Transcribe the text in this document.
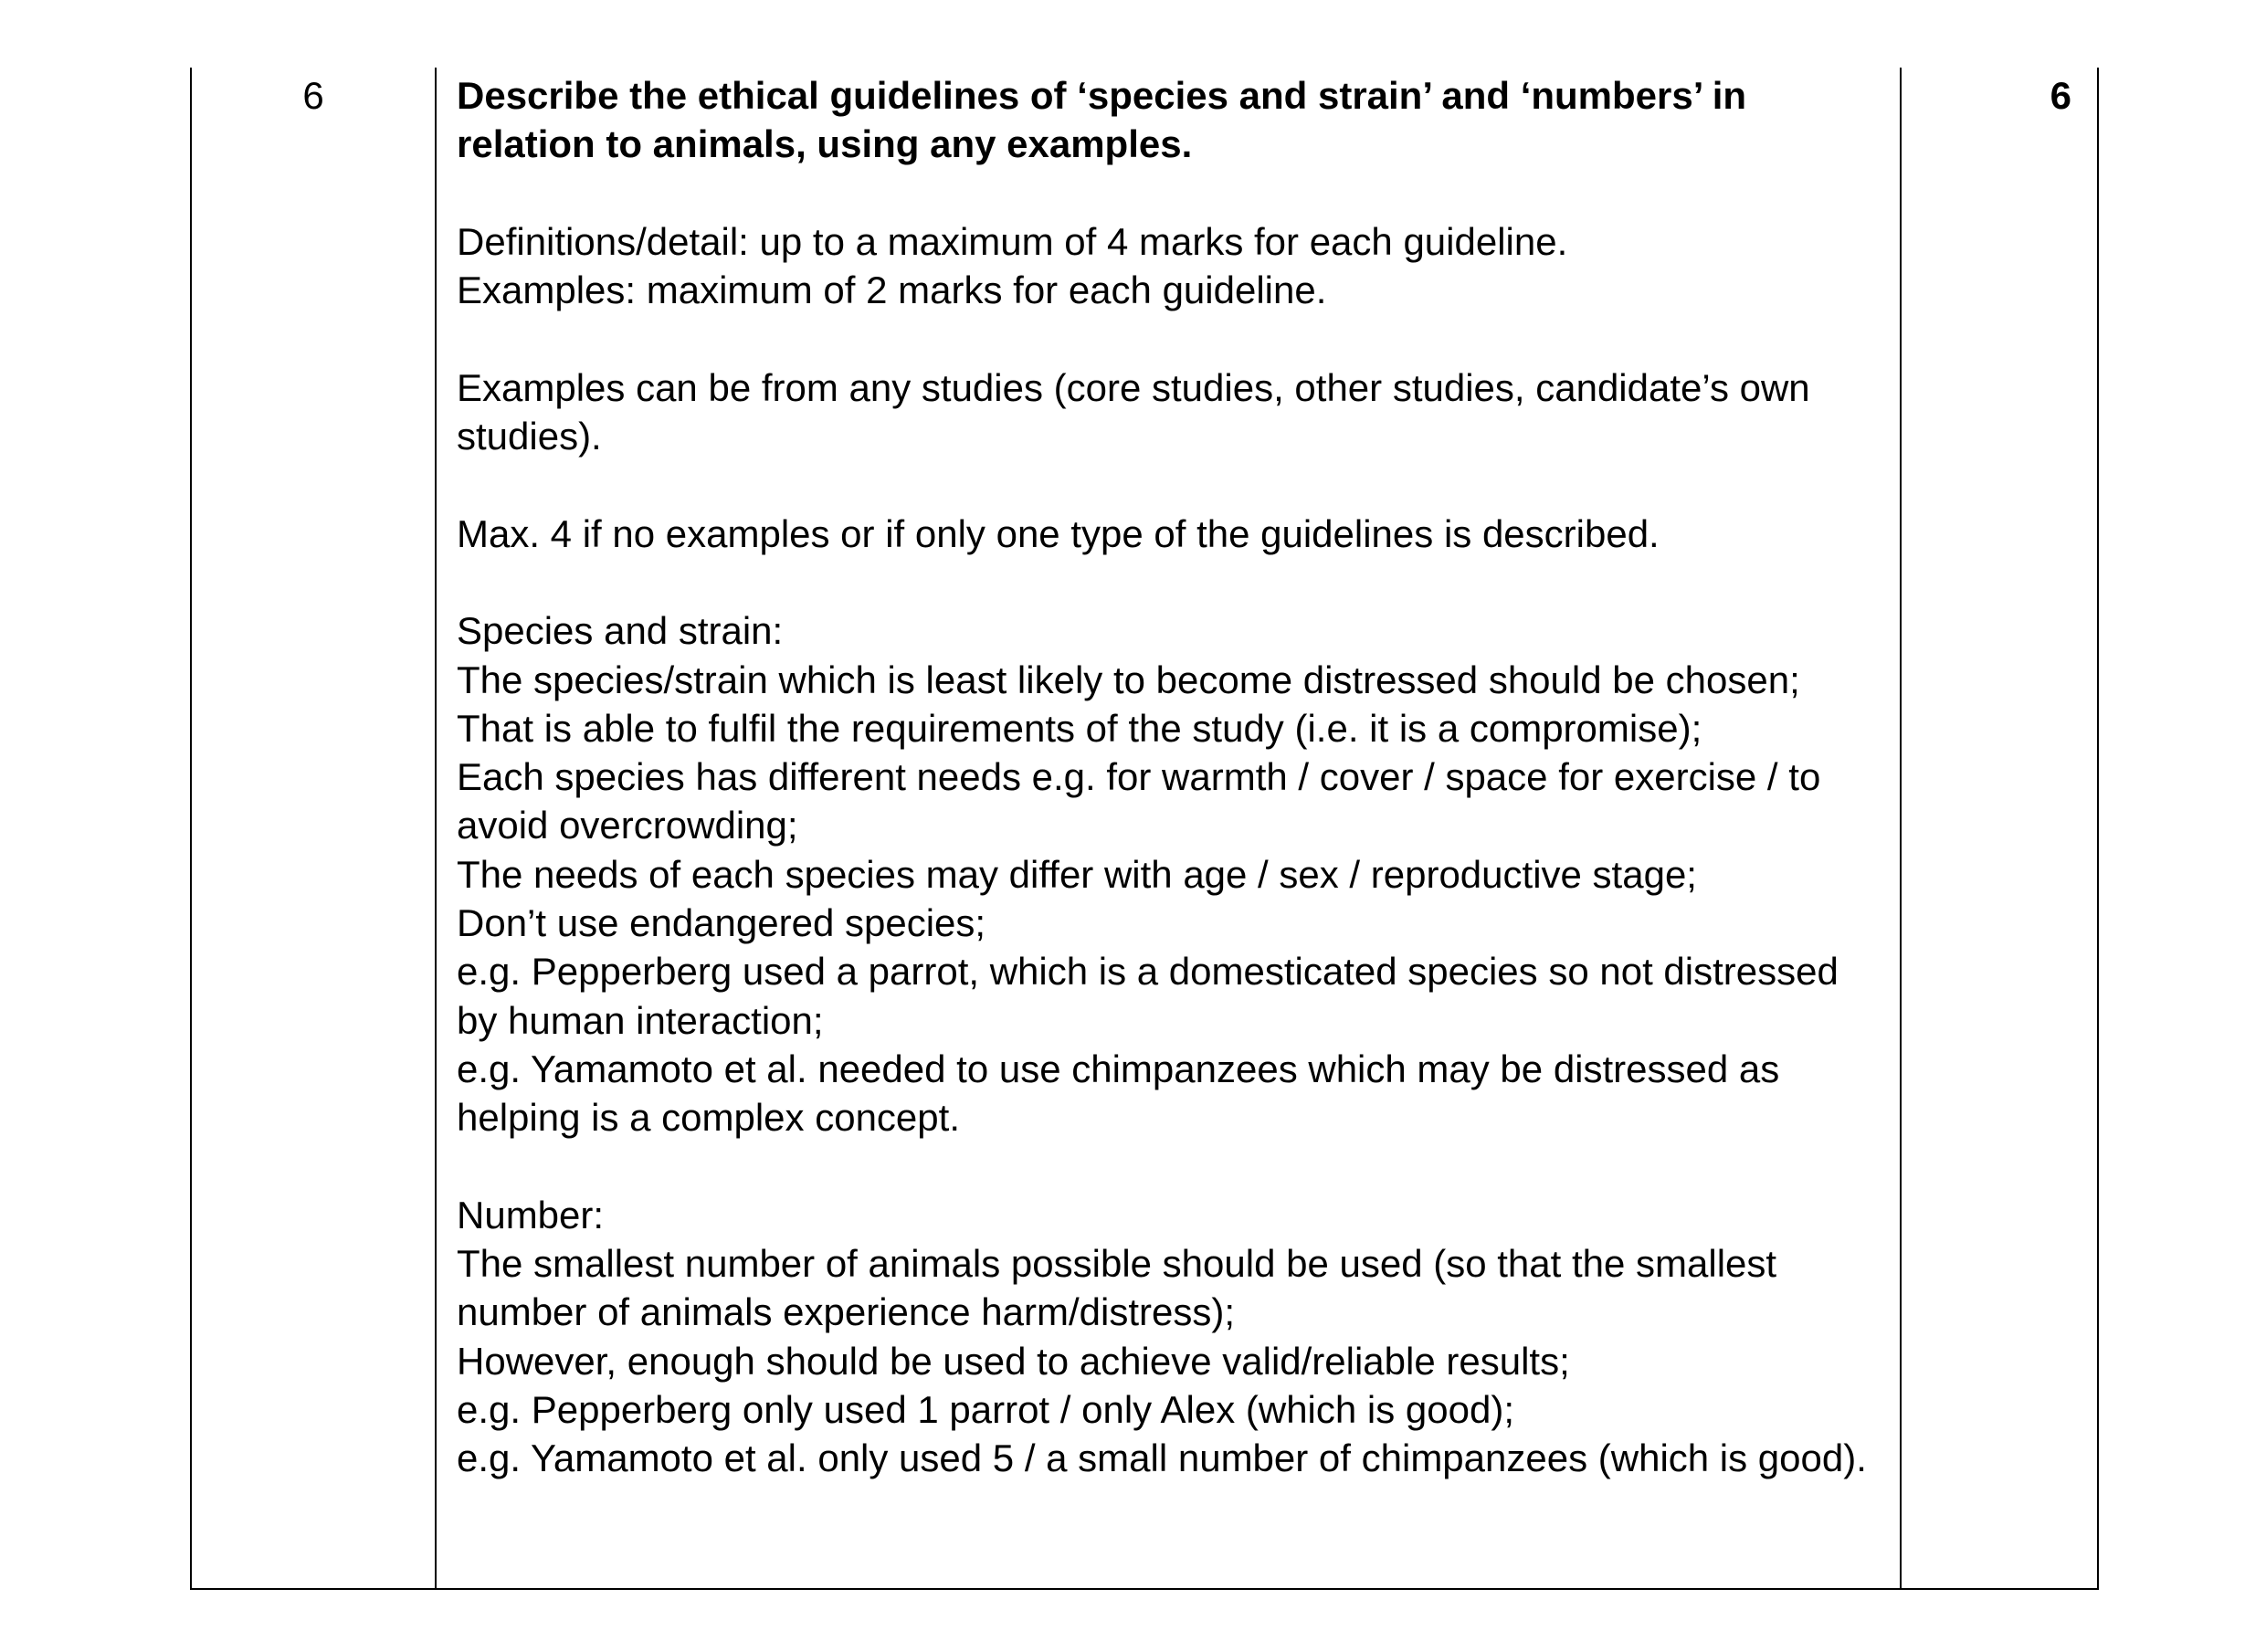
6	Describe the ethical guidelines of ‘species and strain’ and ‘numbers’ in relation to animals, using any examples.

Definitions/detail: up to a maximum of 4 marks for each guideline.

Examples: maximum of 2 marks for each guideline.

Examples can be from any studies (core studies, other studies, candidate’s own studies).

Max. 4 if no examples or if only one type of the guidelines is described.

Species and strain:

The species/strain which is least likely to become distressed should be chosen;

That is able to fulfil the requirements of the study (i.e. it is a compromise);

Each species has different needs e.g. for warmth / cover / space for exercise / to avoid overcrowding;

The needs of each species may differ with age / sex / reproductive stage;

Don’t use endangered species;

e.g. Pepperberg used a parrot, which is a domesticated species so not distressed by human interaction;

e.g. Yamamoto et al. needed to use chimpanzees which may be distressed as helping is a complex concept.

Number:

The smallest number of animals possible should be used (so that the smallest number of animals experience harm/distress);

However, enough should be used to achieve valid/reliable results;

e.g. Pepperberg only used 1 parrot / only Alex (which is good);

e.g. Yamamoto et al. only used 5 / a small number of chimpanzees (which is good).

6
